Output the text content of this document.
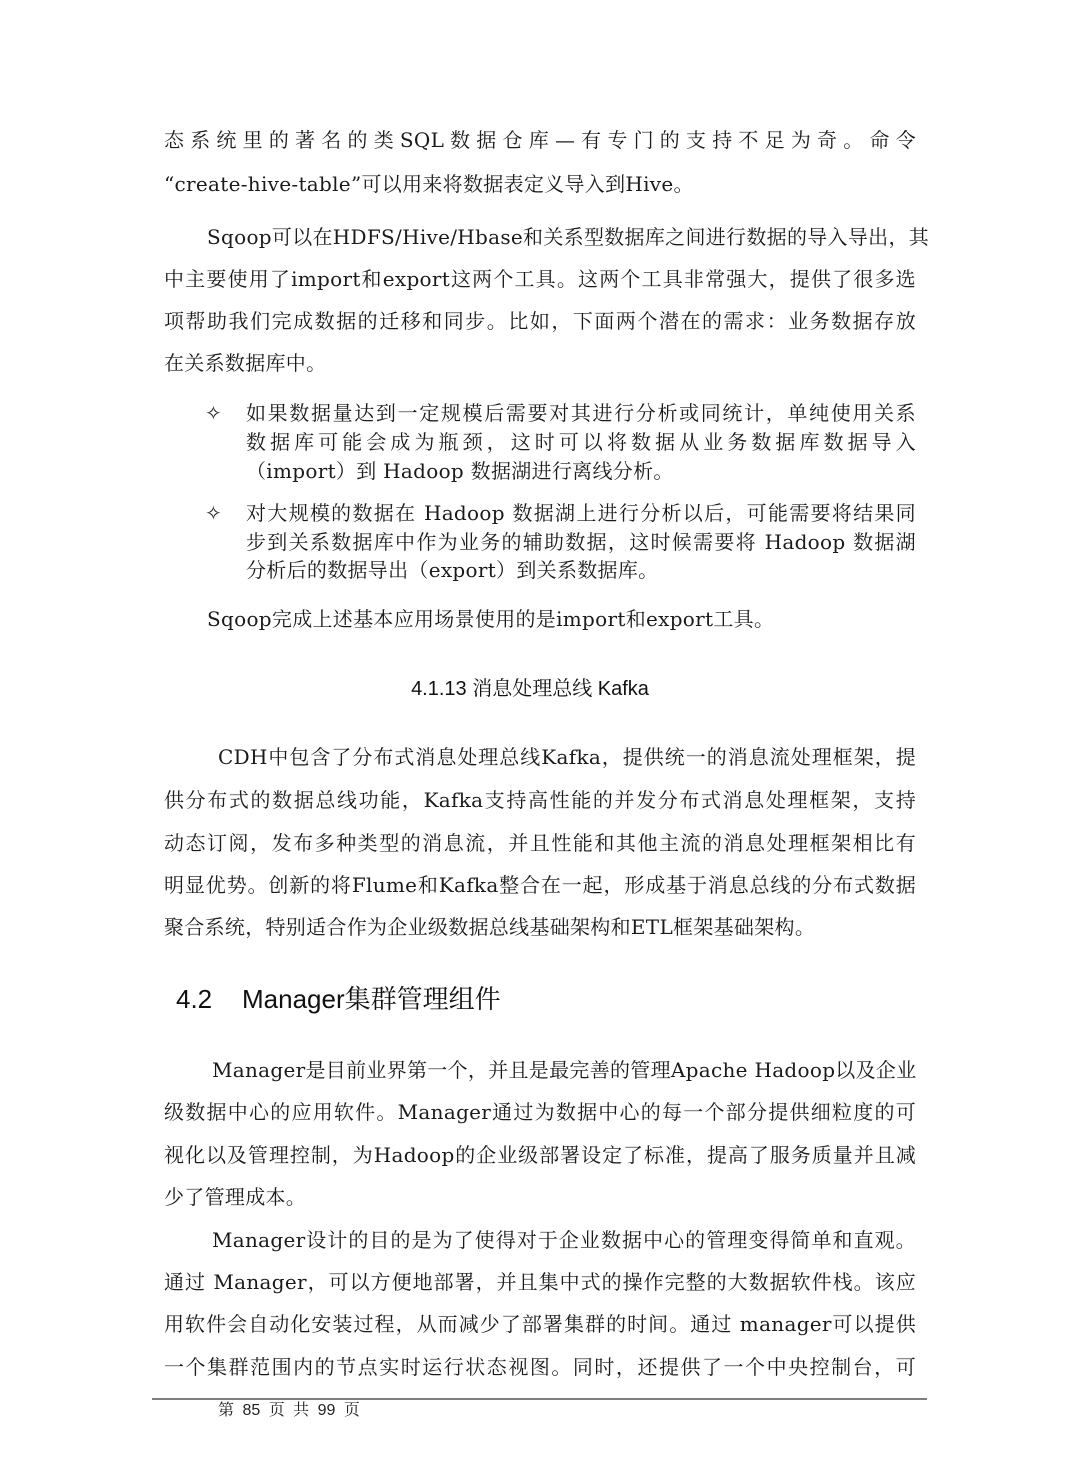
态系统里的著名的类SQL数据仓库—有专门的支持不足为奇。命令
“create-hive-table”可以用来将数据表定义导入到Hive。
Sqoop可以在HDFS/Hive/Hbase和关系型数据库之间进行数据的导入导出，其
中主要使用了import和export这两个工具。这两个工具非常强大，提供了很多选
项帮助我们完成数据的迁移和同步。比如，下面两个潜在的需求：业务数据存放
在关系数据库中。
✧ 如果数据量达到一定规模后需要对其进行分析或同统计，单纯使用关系
数据库可能会成为瓶颈，这时可以将数据从业务数据库数据导入
（import）到 Hadoop 数据湖进行离线分析。
✧ 对大规模的数据在 Hadoop 数据湖上进行分析以后，可能需要将结果同
步到关系数据库中作为业务的辅助数据，这时候需要将 Hadoop 数据湖
分析后的数据导出（export）到关系数据库。
Sqoop完成上述基本应用场景使用的是import和export工具。
4.1.13 消息处理总线 Kafka
CDH中包含了分布式消息处理总线Kafka，提供统一的消息流处理框架，提
供分布式的数据总线功能，Kafka支持高性能的并发分布式消息处理框架，支持
动态订阅，发布多种类型的消息流，并且性能和其他主流的消息处理框架相比有
明显优势。创新的将Flume和Kafka整合在一起，形成基于消息总线的分布式数据
聚合系统，特别适合作为企业级数据总线基础架构和ETL框架基础架构。
4.2 Manager集群管理组件
Manager是目前业界第一个，并且是最完善的管理Apache Hadoop以及企业
级数据中心的应用软件。Manager通过为数据中心的每一个部分提供细粒度的可
视化以及管理控制，为Hadoop的企业级部署设定了标准，提高了服务质量并且减
少了管理成本。
Manager设计的目的是为了使得对于企业数据中心的管理变得简单和直观。
通过 Manager，可以方便地部署，并且集中式的操作完整的大数据软件栈。该应
用软件会自动化安装过程，从而减少了部署集群的时间。通过 manager可以提供
一个集群范围内的节点实时运行状态视图。同时，还提供了一个中央控制台，可
第 85 页 共 99 页
